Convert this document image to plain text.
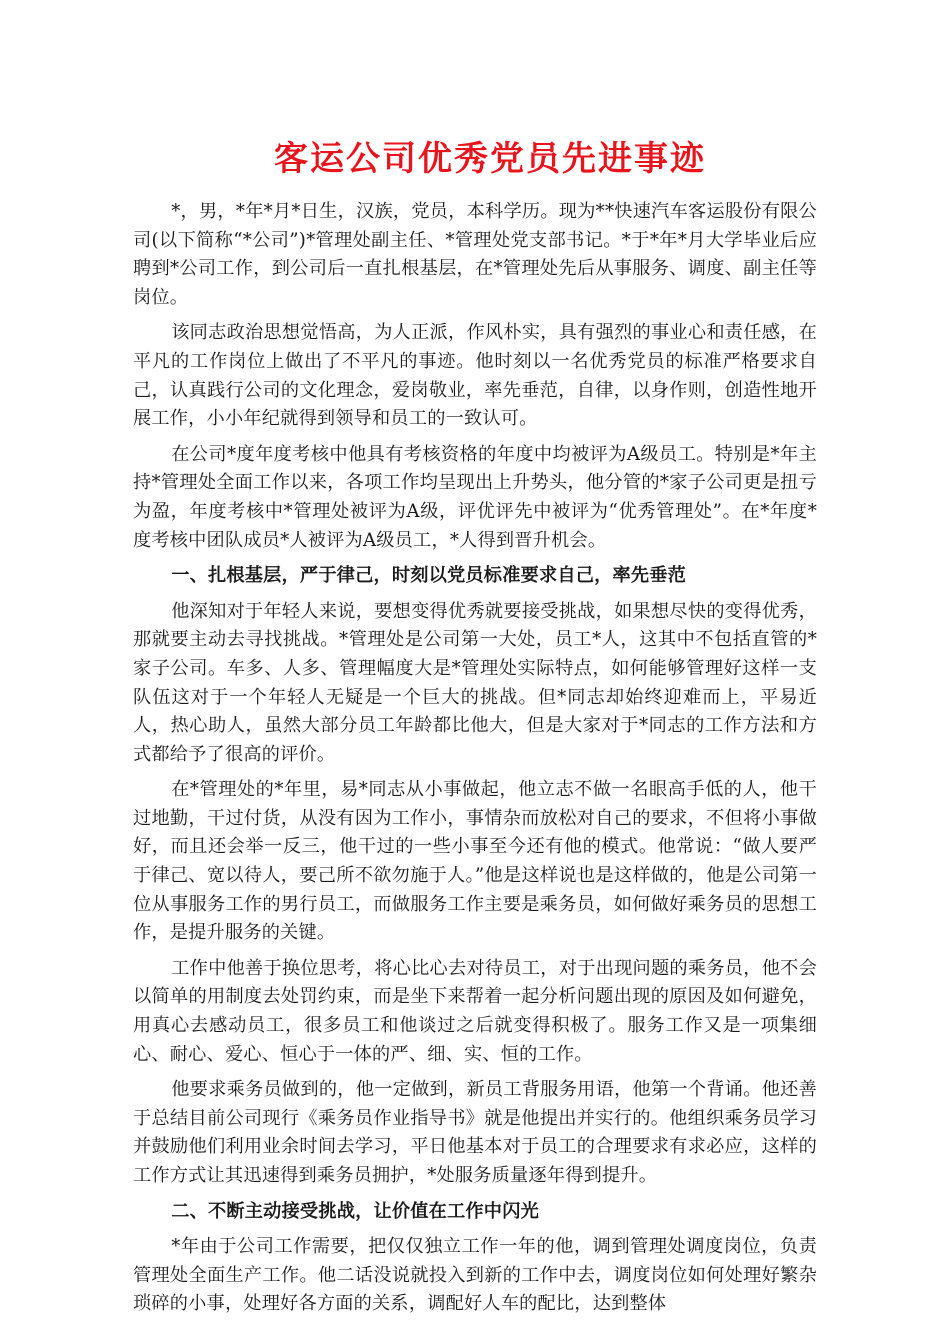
客运公司优秀党员先进事迹

*，男，*年*月*日生，汉族，党员，本科学历。现为**快速汽车客运股份有限公司(以下简称“*公司”)*管理处副主任、*管理处党支部书记。*于*年*月大学毕业后应聘到*公司工作，到公司后一直扎根基层，在*管理处先后从事服务、调度、副主任等岗位。

该同志政治思想觉悟高，为人正派，作风朴实，具有强烈的事业心和责任感，在平凡的工作岗位上做出了不平凡的事迹。他时刻以一名优秀党员的标准严格要求自己，认真践行公司的文化理念，爱岗敬业，率先垂范，自律，以身作则，创造性地开展工作，小小年纪就得到领导和员工的一致认可。

在公司*度年度考核中他具有考核资格的年度中均被评为A级员工。特别是*年主持*管理处全面工作以来，各项工作均呈现出上升势头，他分管的*家子公司更是扭亏为盈，年度考核中*管理处被评为A级，评优评先中被评为“优秀管理处”。在*年度*度考核中团队成员*人被评为A级员工，*人得到晋升机会。

一、扎根基层，严于律己，时刻以党员标准要求自己，率先垂范

他深知对于年轻人来说，要想变得优秀就要接受挑战，如果想尽快的变得优秀，那就要主动去寻找挑战。*管理处是公司第一大处，员工*人，这其中不包括直管的*家子公司。车多、人多、管理幅度大是*管理处实际特点，如何能够管理好这样一支队伍这对于一个年轻人无疑是一个巨大的挑战。但*同志却始终迎难而上，平易近人，热心助人，虽然大部分员工年龄都比他大，但是大家对于*同志的工作方法和方式都给予了很高的评价。

在*管理处的*年里，易*同志从小事做起，他立志不做一名眼高手低的人，他干过地勤，干过付货，从没有因为工作小，事情杂而放松对自己的要求，不但将小事做好，而且还会举一反三，他干过的一些小事至今还有他的模式。他常说：“做人要严于律己、宽以待人，要己所不欲勿施于人。”他是这样说也是这样做的，他是公司第一位从事服务工作的男行员工，而做服务工作主要是乘务员，如何做好乘务员的思想工作，是提升服务的关键。

工作中他善于换位思考，将心比心去对待员工，对于出现问题的乘务员，他不会以简单的用制度去处罚约束，而是坐下来帮着一起分析问题出现的原因及如何避免，用真心去感动员工，很多员工和他谈过之后就变得积极了。服务工作又是一项集细心、耐心、爱心、恒心于一体的严、细、实、恒的工作。

他要求乘务员做到的，他一定做到，新员工背服务用语，他第一个背诵。他还善于总结目前公司现行《乘务员作业指导书》就是他提出并实行的。他组织乘务员学习并鼓励他们利用业余时间去学习，平日他基本对于员工的合理要求有求必应，这样的工作方式让其迅速得到乘务员拥护，*处服务质量逐年得到提升。

二、不断主动接受挑战，让价值在工作中闪光

*年由于公司工作需要，把仅仅独立工作一年的他，调到管理处调度岗位，负责管理处全面生产工作。他二话没说就投入到新的工作中去，调度岗位如何处理好繁杂琐碎的小事，处理好各方面的关系，调配好人车的配比，达到整体
